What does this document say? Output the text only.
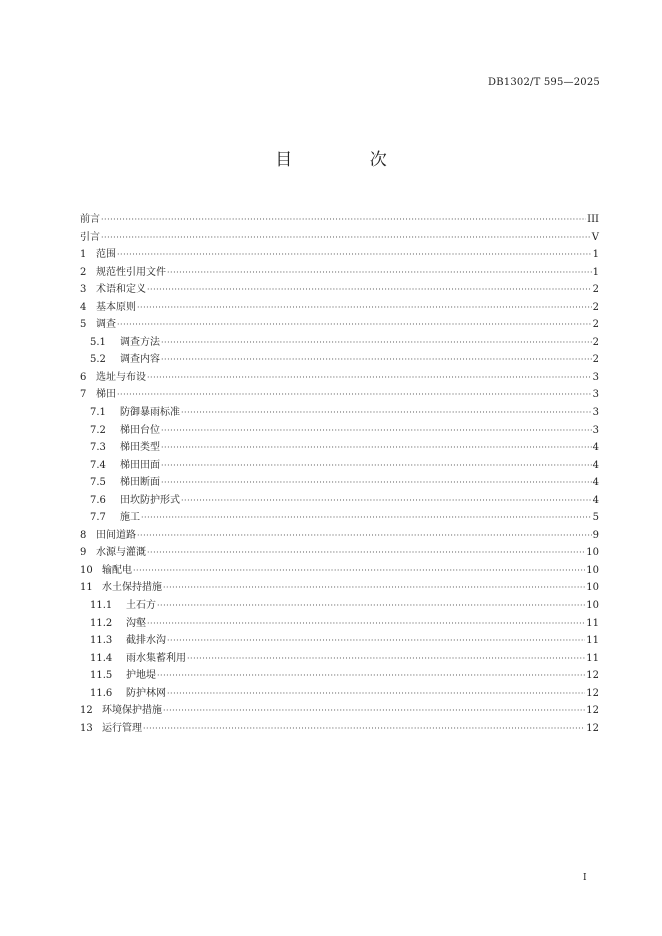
DB1302/T 595—2025
目 次
前言 ·····	III
引言 ·····	V
1 范围 ·····	1
2 规范性引用文件 ·····	1
3 术语和定义 ·····	2
4 基本原则 ·····	2
5 调查 ·····	2
5.1	调查方法 ·····	2
5.2	调查内容 ·····	2
6 选址与布设 ·····	3
7 梯田 ·····	3
7.1	防御暴雨标准 ·····	3
7.2	梯田台位 ·····	3
7.3	梯田类型 ·····	4
7.4	梯田田面 ·····	4
7.5	梯田断面 ·····	4
7.6	田坎防护形式 ·····	4
7.7	施工 ·····	5
8 田间道路 ·····	9
9 水源与灌溉 ·····	10
10 输配电 ·····	10
11 水土保持措施 ·····	10
11.1	土石方 ·····	10
11.2	沟壑 ·····	11
11.3	截排水沟 ·····	11
11.4	雨水集蓄利用 ·····	11
11.5	护地堤 ·····	12
11.6	防护林网 ·····	12
12 环境保护措施 ·····	12
13 运行管理 ·····	12
I
